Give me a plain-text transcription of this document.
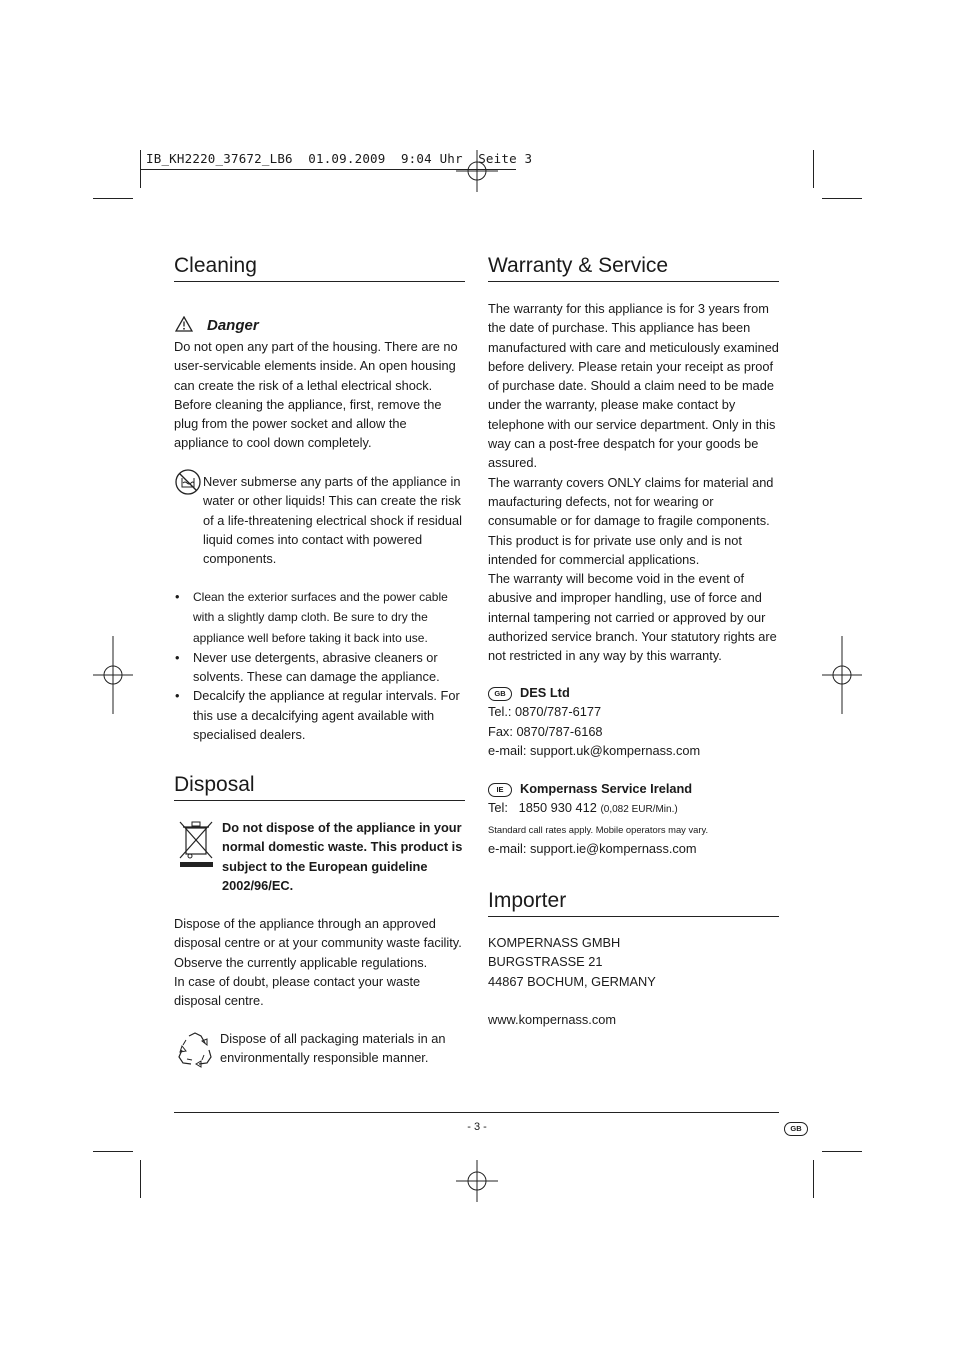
IB_KH2220_37672_LB6  01.09.2009  9:04 Uhr  Seite 3
Cleaning
Danger

Do not open any part of the housing. There are no user-servicable elements inside. An open housing can create the risk of a lethal electrical shock. Before cleaning the appliance, first, remove the plug from the power socket and allow the appliance to cool down completely.

Never submerse any parts of the appliance in water or other liquids! This can create the risk of a life-threatening electrical shock if residual liquid comes into contact with powered components.

• Clean the exterior surfaces and the power cable with a slightly damp cloth. Be sure to dry the appliance well before taking it back into use.
• Never use detergents, abrasive cleaners or solvents. These can damage the appliance.
• Decalcify the appliance at regular intervals. For this use a decalcifying agent available with specialised dealers.
Disposal

Do not dispose of the appliance in your normal domestic waste. This product is subject to the European guideline 2002/96/EC.

Dispose of the appliance through an approved disposal centre or at your community waste facility. Observe the currently applicable regulations.

In case of doubt, please contact your waste disposal centre.

Dispose of all packaging materials in an environmentally responsible manner.

Warranty & Service

The warranty for this appliance is for 3 years from the date of purchase. This appliance has been manufactured with care and meticulously examined before delivery. Please retain your receipt as proof of purchase date. Should a claim need to be made under the warranty, please make contact by telephone with our service department. Only in this way can a post-free despatch for your goods be assured.

The warranty covers ONLY claims for material and maufacturing defects, not for wearing or consumable or for damage to fragile components. This product is for private use only and is not intended for commercial applications.

The warranty will become void in the event of abusive and improper handling, use of force and internal tampering not carried or approved by our authorized service branch. Your statutory rights are not restricted in any way by this warranty.

GB DES Ltd
Tel.: 0870/787-6177
Fax: 0870/787-6168
e-mail: support.uk@kompernass.com
IE Kompernass Service Ireland
Tel: 1850 930 412 (0,082 EUR/Min.)
Standard call rates apply. Mobile operators may vary.
e-mail: support.ie@kompernass.com
Importer
KOMPERNASS GMBH
BURGSTRASSE 21
44867 BOCHUM, GERMANY
www.kompernass.com
- 3 -	GB
